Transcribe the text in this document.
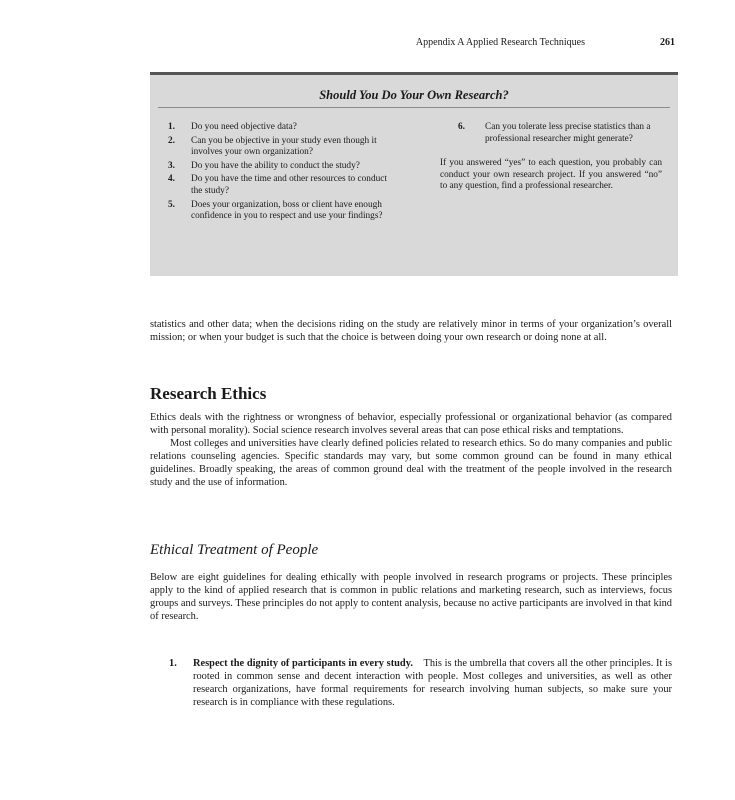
Appendix A Applied Research Techniques	261
Should You Do Your Own Research?
1. Do you need objective data?
2. Can you be objective in your study even though it involves your own organization?
3. Do you have the ability to conduct the study?
4. Do you have the time and other resources to conduct the study?
5. Does your organization, boss or client have enough confidence in you to respect and use your findings?
6. Can you tolerate less precise statistics than a professional researcher might generate?
If you answered “yes” to each question, you probably can conduct your own research project. If you answered “no” to any question, find a professional researcher.

statistics and other data; when the decisions riding on the study are relatively minor in terms of your organization’s overall mission; or when your budget is such that the choice is between doing your own research or doing none at all.

Research Ethics
Ethics deals with the rightness or wrongness of behavior, especially professional or organizational behavior (as compared with personal morality). Social science research involves several areas that can pose ethical risks and temptations.
Most colleges and universities have clearly defined policies related to research ethics. So do many companies and public relations counseling agencies. Specific standards may vary, but some common ground can be found in many ethical guidelines. Broadly speaking, the areas of common ground deal with the treatment of the people involved in the research study and the use of information.
Ethical Treatment of People

Below are eight guidelines for dealing ethically with people involved in research programs or projects. These principles apply to the kind of applied research that is common in public relations and marketing research, such as interviews, focus groups and surveys. These principles do not apply to content analysis, because no active participants are involved in that kind of research.

1. Respect the dignity of participants in every study. This is the umbrella that covers all the other principles. It is rooted in common sense and decent interaction with people. Most colleges and universities, as well as other research organizations, have formal requirements for research involving human subjects, so make sure your research is in compliance with these regulations.
